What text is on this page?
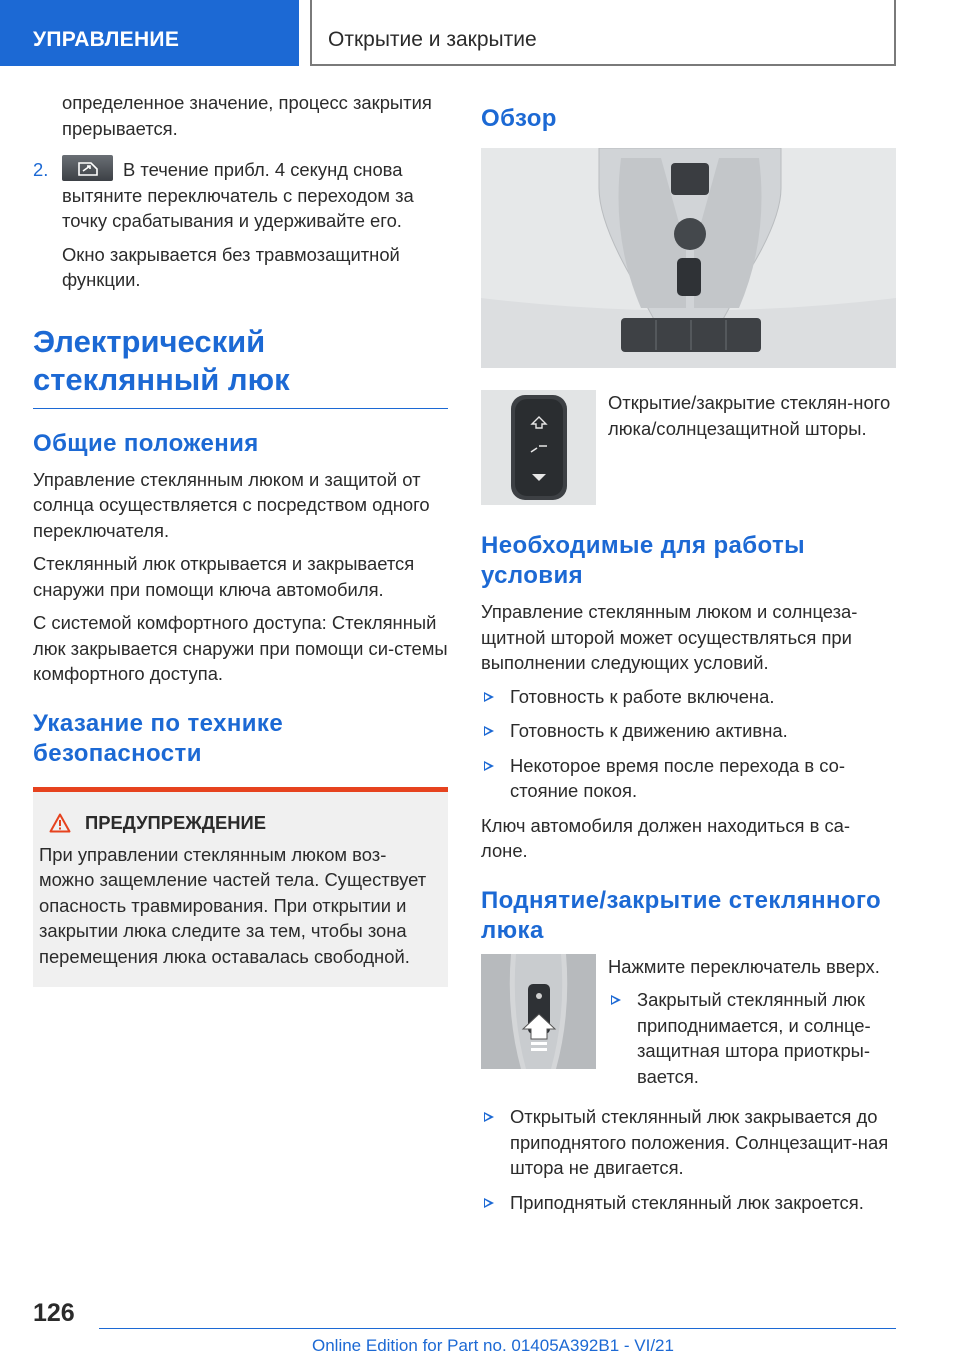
УПРАВЛЕНИЕ	Открытие и закрытие

определенное значение, процесс закрытия прерывается.

2.	В течение прибл. 4 секунд снова вытяните переключатель с переходом за точку срабатывания и удерживайте его.

Окно закрывается без травмозащитной функции.

Электрический стеклянный люк
Общие положения

Управление стеклянным люком и защитой от солнца осуществляется с посредством одного переключателя.

Стеклянный люк открывается и закрывается снаружи при помощи ключа автомобиля.

С системой комфортного доступа: Стеклянный люк закрывается снаружи при помощи си-стемы комфортного доступа.

Указание по технике безопасности
ПРЕДУПРЕЖДЕНИЕ

При управлении стеклянным люком воз-можно защемление частей тела. Существует опасность травмирования. При открытии и закрытии люка следите за тем, чтобы зона перемещения люка оставалась свободной.

Обзор
Открытие/закрытие стеклян-ного люка/солнцезащитной шторы.
Необходимые для работы условия

Управление стеклянным люком и солнцеза-щитной шторой может осуществляться при выполнении следующих условий.

Готовность к работе включена.
Готовность к движению активна.
Некоторое время после перехода в со-стояние покоя.

Ключ автомобиля должен находиться в са-лоне.

Поднятие/закрытие стеклянного люка

Нажмите переключатель вверх.

Закрытый стеклянный люк приподнимается, и солнце-защитная штора приоткры-вается.
Открытый стеклянный люк закрывается до приподнятого положения. Солнцезащит-ная штора не двигается.
Приподнятый стеклянный люк закроется.
126
Online Edition for Part no. 01405A392B1 - VI/21
